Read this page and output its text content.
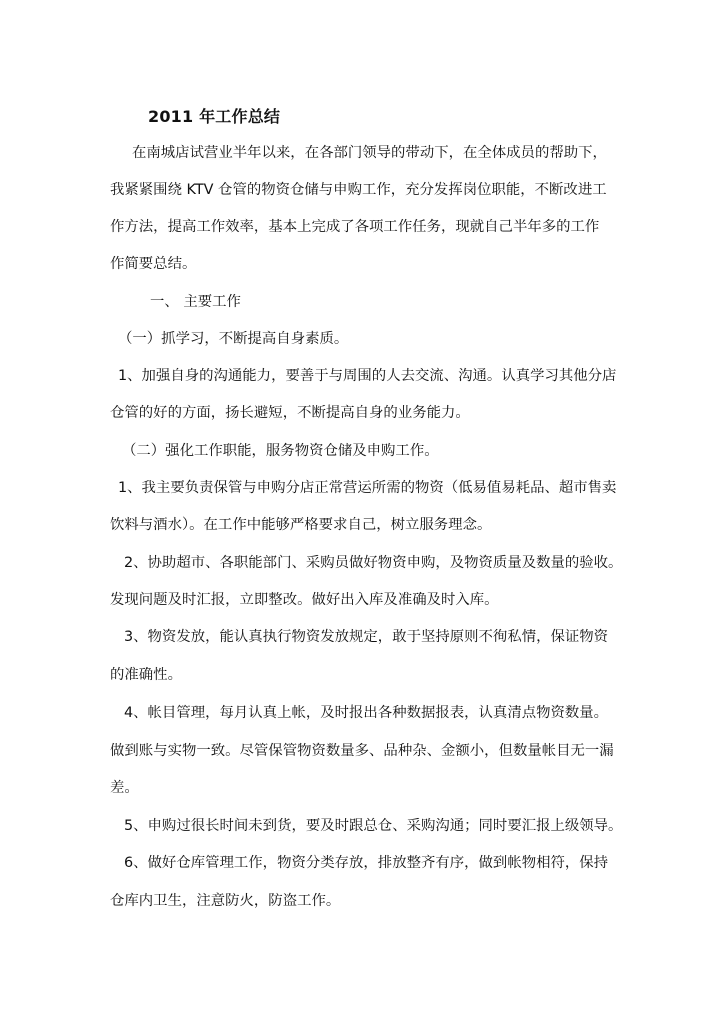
2011 年工作总结
在南城店试营业半年以来，在各部门领导的带动下，在全体成员的帮助下，
我紧紧围绕 KTV 仓管的物资仓储与申购工作，充分发挥岗位职能，不断改进工
作方法，提高工作效率，基本上完成了各项工作任务，现就自己半年多的工作
作简要总结。
一、 主要工作
（一）抓学习，不断提高自身素质。
1、加强自身的沟通能力，要善于与周围的人去交流、沟通。认真学习其他分店
仓管的好的方面，扬长避短，不断提高自身的业务能力。
（二）强化工作职能，服务物资仓储及申购工作。
1、我主要负责保管与申购分店正常营运所需的物资（低易值易耗品、超市售卖
饮料与酒水）。在工作中能够严格要求自己，树立服务理念。
2、协助超市、各职能部门、采购员做好物资申购，及物资质量及数量的验收。
发现问题及时汇报，立即整改。做好出入库及准确及时入库。
3、物资发放，能认真执行物资发放规定，敢于坚持原则不徇私情，保证物资
的准确性。
4、帐目管理，每月认真上帐，及时报出各种数据报表，认真清点物资数量。
做到账与实物一致。尽管保管物资数量多、品种杂、金额小，但数量帐目无一漏
差。
5、申购过很长时间未到货，要及时跟总仓、采购沟通；同时要汇报上级领导。
6、做好仓库管理工作，物资分类存放，排放整齐有序，做到帐物相符，保持
仓库内卫生，注意防火，防盗工作。
